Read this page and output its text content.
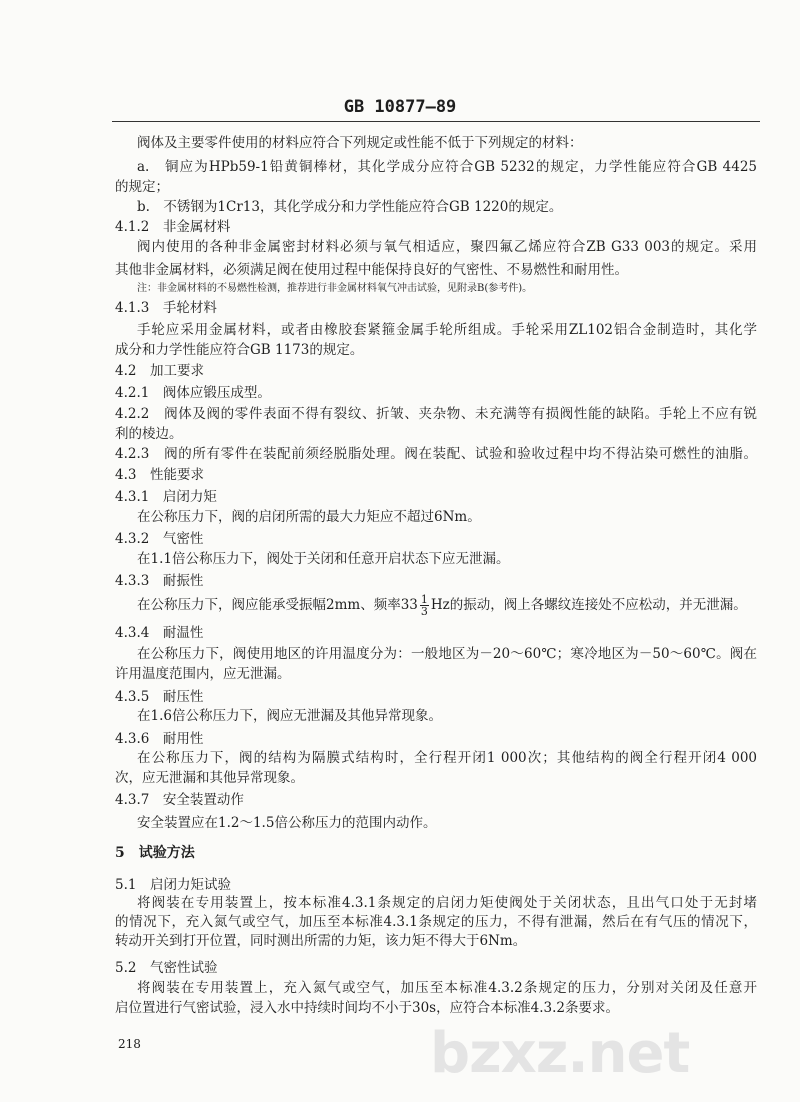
bzxz.net
GB 10877—89
阀体及主要零件使用的材料应符合下列规定或性能不低于下列规定的材料：
a.　铜应为HPb59-1铅黄铜棒材，其化学成分应符合GB 5232的规定，力学性能应符合GB 4425
的规定；
b.　不锈钢为1Cr13，其化学成分和力学性能应符合GB 1220的规定。
4.1.2　非金属材料
阀内使用的各种非金属密封材料必须与氧气相适应，聚四氟乙烯应符合ZB G33 003的规定。采用
其他非金属材料，必须满足阀在使用过程中能保持良好的气密性、不易燃性和耐用性。
注：非金属材料的不易燃性检测，推荐进行非金属材料氧气冲击试验，见附录B(参考件)。
4.1.3　手轮材料
手轮应采用金属材料，或者由橡胶套紧箍金属手轮所组成。手轮采用ZL102铝合金制造时，其化学
成分和力学性能应符合GB 1173的规定。
4.2　加工要求
4.2.1　阀体应锻压成型。
4.2.2　阀体及阀的零件表面不得有裂纹、折皱、夹杂物、未充满等有损阀性能的缺陷。手轮上不应有锐
利的棱边。
4.2.3　阀的所有零件在装配前须经脱脂处理。阀在装配、试验和验收过程中均不得沾染可燃性的油脂。
4.3　性能要求
4.3.1　启闭力矩
在公称压力下，阀的启闭所需的最大力矩应不超过6Nm。
4.3.2　气密性
在1.1倍公称压力下，阀处于关闭和任意开启状态下应无泄漏。
4.3.3　耐振性
在公称压力下，阀应能承受振幅2mm、频率$33 \frac{1}{3}$ Hz的振动，阀上各螺纹连接处不应松动，并无泄漏。
4.3.4　耐温性
在公称压力下，阀使用地区的许用温度分为：一般地区为－20～60℃；寒冷地区为－50～60℃。阀在
许用温度范围内，应无泄漏。
4.3.5　耐压性
在1.6倍公称压力下，阀应无泄漏及其他异常现象。
4.3.6　耐用性
在公称压力下，阀的结构为隔膜式结构时，全行程开闭1 000次；其他结构的阀全行程开闭4 000
次，应无泄漏和其他异常现象。
4.3.7　安全装置动作
安全装置应在1.2～1.5倍公称压力的范围内动作。
5　试验方法
5.1　启闭力矩试验
将阀装在专用装置上，按本标准4.3.1条规定的启闭力矩使阀处于关闭状态，且出气口处于无封堵
的情况下，充入氮气或空气，加压至本标准4.3.1条规定的压力，不得有泄漏，然后在有气压的情况下，
转动开关到打开位置，同时测出所需的力矩，该力矩不得大于6Nm。
5.2　气密性试验
将阀装在专用装置上，充入氮气或空气，加压至本标准4.3.2条规定的压力，分别对关闭及任意开
启位置进行气密试验，浸入水中持续时间均不小于30s，应符合本标准4.3.2条要求。
218
